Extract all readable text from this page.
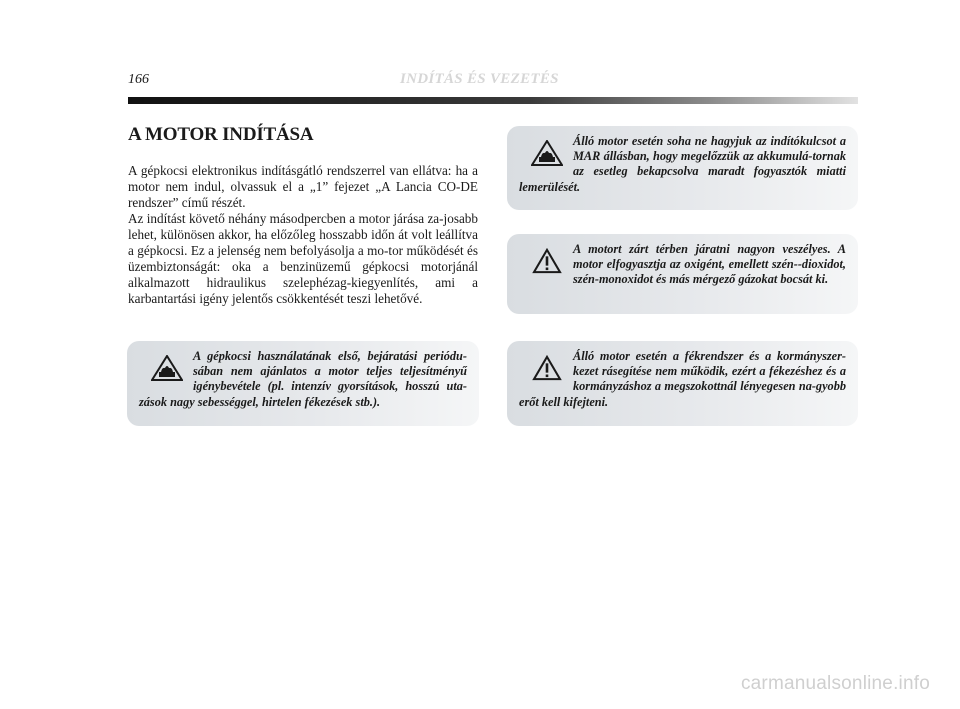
166	INDÍTÁS ÉS VEZETÉS
A MOTOR INDÍTÁSA

A gépkocsi elektronikus indításgátló rendszerrel van ellátva: ha a motor nem indul, olvassuk el a „1” fejezet „A Lancia CO-DE rendszer” című részét.

Az indítást követő néhány másodpercben a motor járása za-josabb lehet, különösen akkor, ha előzőleg hosszabb időn át volt leállítva a gépkocsi. Ez a jelenség nem befolyásolja a mo-tor működését és üzembiztonságát: oka a benzinüzemű gépkocsi motorjánál alkalmazott hidraulikus szelephézag-kiegyenlítés, ami a karbantartási igény jelentős csökkentését teszi lehetővé.

A gépkocsi használatának első, bejáratási periódu-sában nem ajánlatos a motor teljes teljesítményű igénybevétele (pl. intenzív gyorsítások, hosszú uta-zások nagy sebességgel, hirtelen fékezések stb.).

Álló motor esetén soha ne hagyjuk az indítókulcsot a MAR állásban, hogy megelőzzük az akkumulá-tornak az esetleg bekapcsolva maradt fogyasztók miatti lemerülését.

A motort zárt térben járatni nagyon veszélyes. A motor elfogyasztja az oxigént, emellett szén--dioxidot, szén-monoxidot és más mérgező gázokat bocsát ki.

Álló motor esetén a fékrendszer és a kormányszer-kezet rásegítése nem működik, ezért a fékezéshez és a kormányzáshoz a megszokottnál lényegesen na-gyobb erőt kell kifejteni.

carmanualsonline.info
